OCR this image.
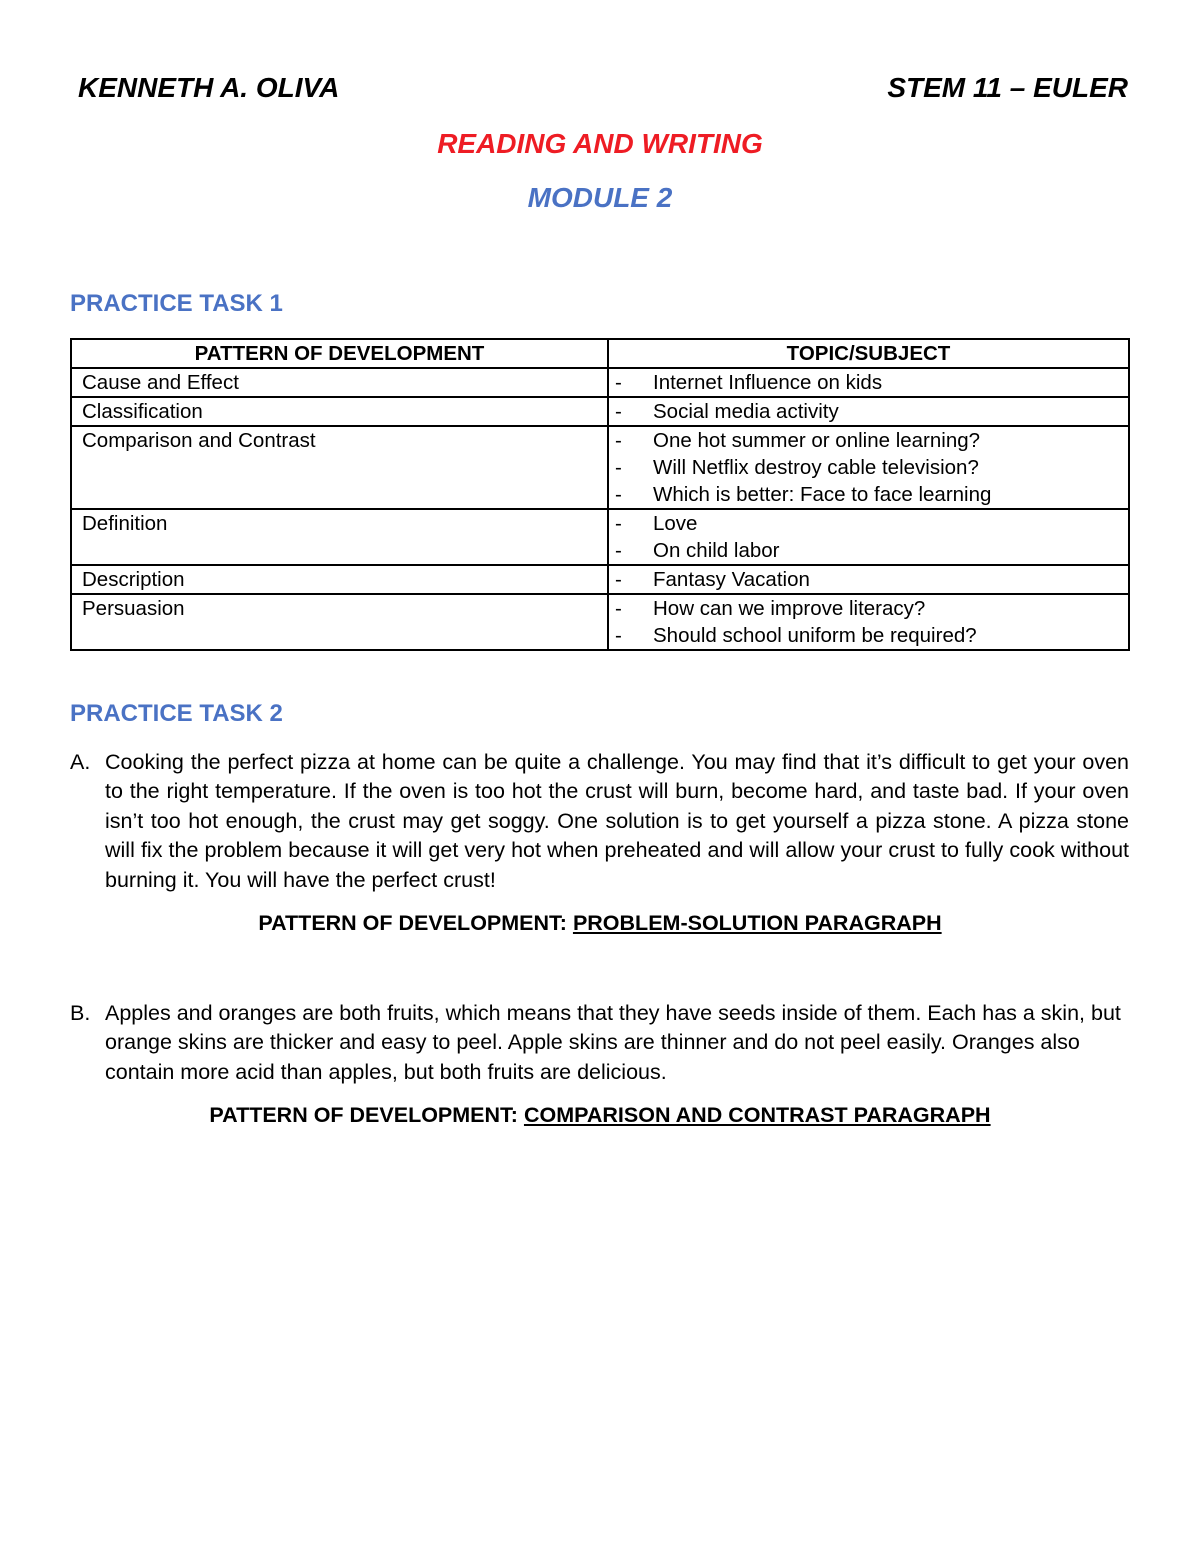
KENNETH A. OLIVA	STEM 11 – EULER
READING AND WRITING
MODULE 2
PRACTICE TASK 1
PATTERN OF DEVELOPMENT	TOPIC/SUBJECT
Cause and Effect	- Internet Influence on kids

Classification	- Social media activity

Comparison and Contrast	- One hot summer or online learning?
- Will Netflix destroy cable television?
- Which is better: Face to face learning

Definition	- Love
- On child labor

Description	- Fantasy Vacation

Persuasion	- How can we improve literacy?
- Should school uniform be required?
PRACTICE TASK 2
A. Cooking the perfect pizza at home can be quite a challenge. You may find that it’s difficult to get your oven to the right temperature. If the oven is too hot the crust will burn, become hard, and taste bad. If your oven isn’t too hot enough, the crust may get soggy. One solution is to get yourself a pizza stone. A pizza stone will fix the problem because it will get very hot when preheated and will allow your crust to fully cook without burning it. You will have the perfect crust!
PATTERN OF DEVELOPMENT: PROBLEM-SOLUTION PARAGRAPH
B. Apples and oranges are both fruits, which means that they have seeds inside of them. Each has a skin, but orange skins are thicker and easy to peel. Apple skins are thinner and do not peel easily. Oranges also contain more acid than apples, but both fruits are delicious.
PATTERN OF DEVELOPMENT: COMPARISON AND CONTRAST PARAGRAPH
